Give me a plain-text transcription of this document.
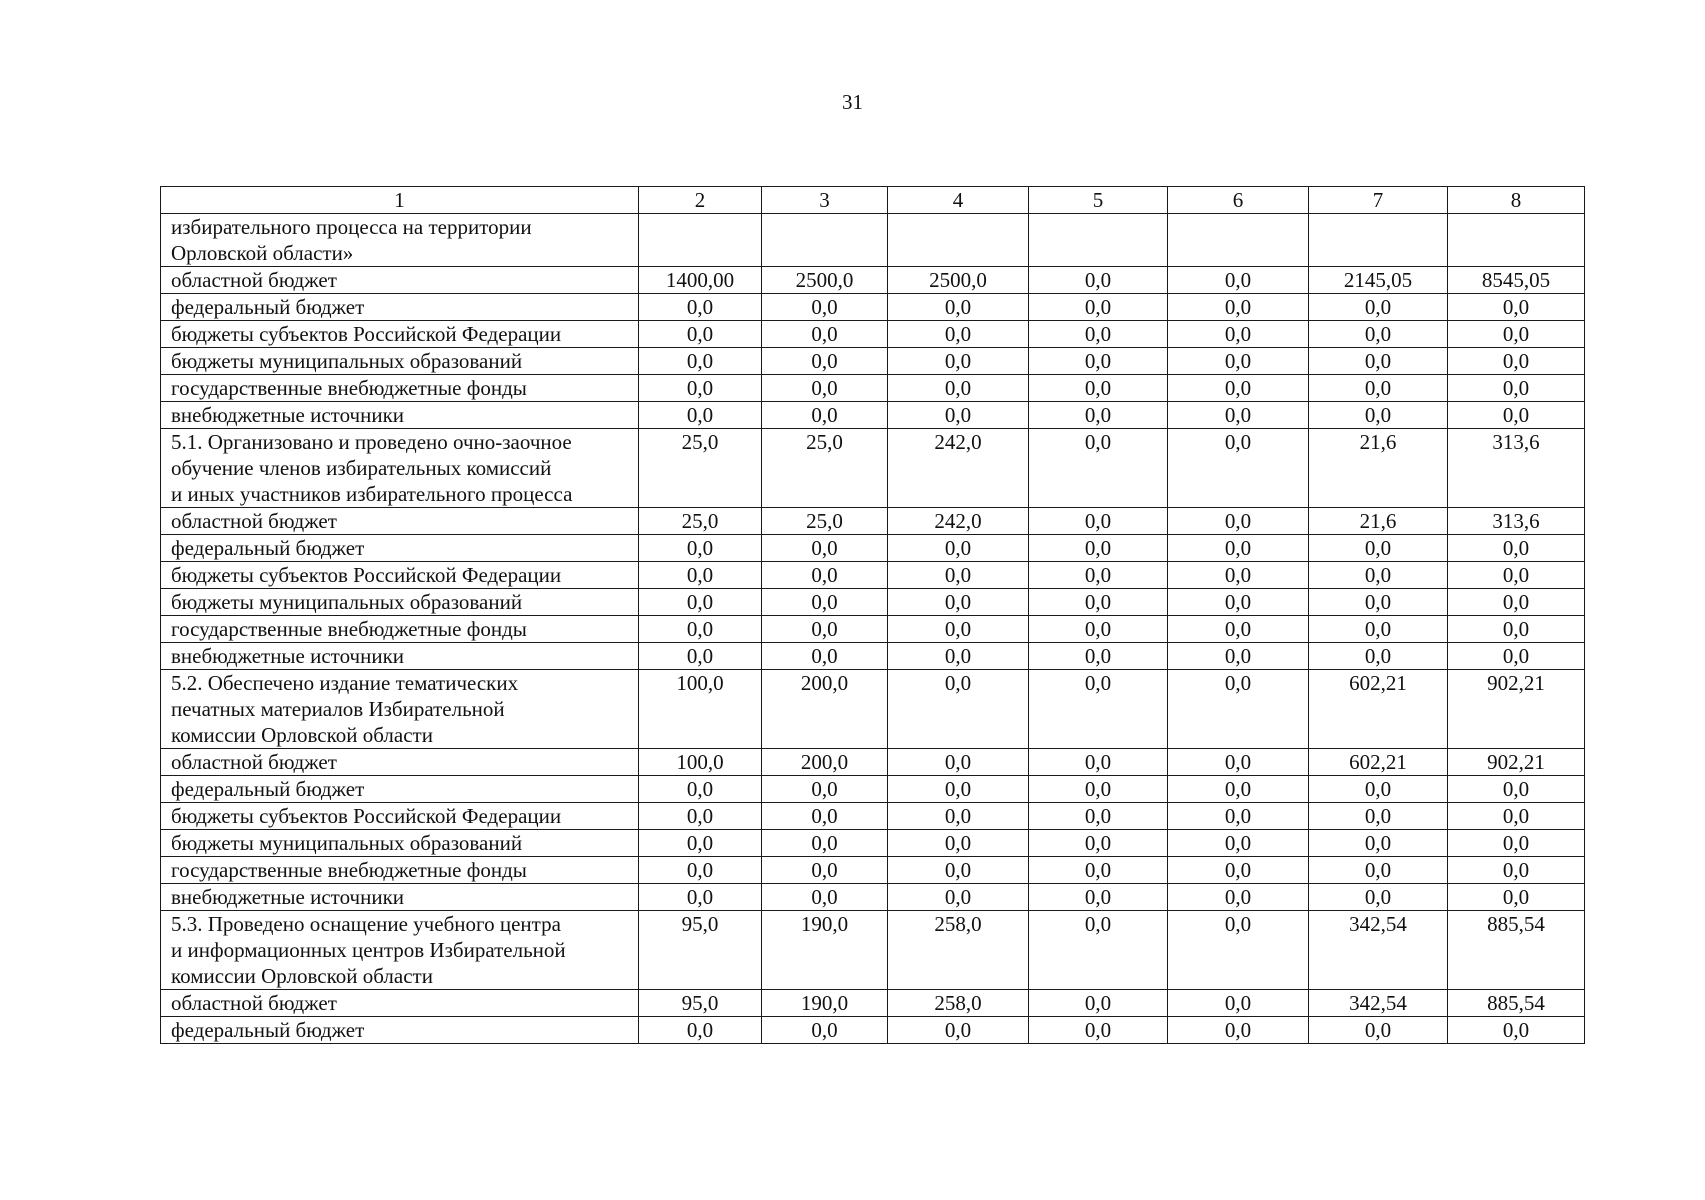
31
1	2	3	4	5	6	7	8
избирательного процесса на территории
Орловской области»							
областной бюджет	1400,00	2500,0	2500,0	0,0	0,0	2145,05	8545,05
федеральный бюджет	0,0	0,0	0,0	0,0	0,0	0,0	0,0
бюджеты субъектов Российской Федерации	0,0	0,0	0,0	0,0	0,0	0,0	0,0
бюджеты муниципальных образований	0,0	0,0	0,0	0,0	0,0	0,0	0,0
государственные внебюджетные фонды	0,0	0,0	0,0	0,0	0,0	0,0	0,0
внебюджетные источники	0,0	0,0	0,0	0,0	0,0	0,0	0,0
5.1. Организовано и проведено очно-заочное
обучение членов избирательных комиссий
и иных участников избирательного процесса	25,0	25,0	242,0	0,0	0,0	21,6	313,6
областной бюджет	25,0	25,0	242,0	0,0	0,0	21,6	313,6
федеральный бюджет	0,0	0,0	0,0	0,0	0,0	0,0	0,0
бюджеты субъектов Российской Федерации	0,0	0,0	0,0	0,0	0,0	0,0	0,0
бюджеты муниципальных образований	0,0	0,0	0,0	0,0	0,0	0,0	0,0
государственные внебюджетные фонды	0,0	0,0	0,0	0,0	0,0	0,0	0,0
внебюджетные источники	0,0	0,0	0,0	0,0	0,0	0,0	0,0
5.2. Обеспечено издание тематических
печатных материалов Избирательной
комиссии Орловской области	100,0	200,0	0,0	0,0	0,0	602,21	902,21
областной бюджет	100,0	200,0	0,0	0,0	0,0	602,21	902,21
федеральный бюджет	0,0	0,0	0,0	0,0	0,0	0,0	0,0
бюджеты субъектов Российской Федерации	0,0	0,0	0,0	0,0	0,0	0,0	0,0
бюджеты муниципальных образований	0,0	0,0	0,0	0,0	0,0	0,0	0,0
государственные внебюджетные фонды	0,0	0,0	0,0	0,0	0,0	0,0	0,0
внебюджетные источники	0,0	0,0	0,0	0,0	0,0	0,0	0,0
5.3. Проведено оснащение учебного центра
и информационных центров Избирательной
комиссии Орловской области	95,0	190,0	258,0	0,0	0,0	342,54	885,54
областной бюджет	95,0	190,0	258,0	0,0	0,0	342,54	885,54
федеральный бюджет	0,0	0,0	0,0	0,0	0,0	0,0	0,0
